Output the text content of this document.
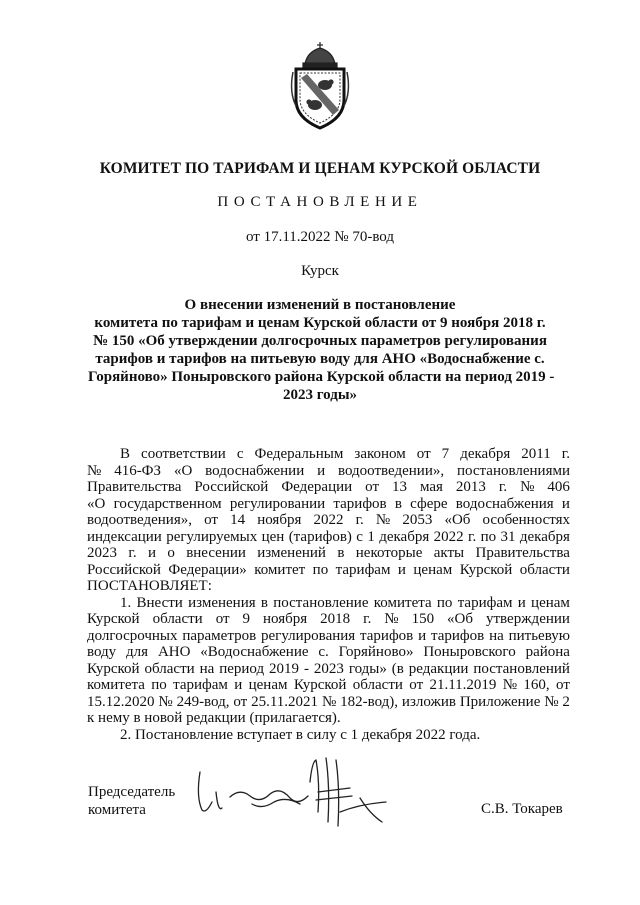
КОМИТЕТ ПО ТАРИФАМ И ЦЕНАМ КУРСКОЙ ОБЛАСТИ
ПОСТАНОВЛЕНИЕ
от 17.11.2022 № 70-вод
Курск
О внесении изменений в постановление
комитета по тарифам и ценам Курской области от 9 ноября 2018 г.
№ 150 «Об утверждении долгосрочных параметров регулирования
тарифов и тарифов на питьевую воду для АНО «Водоснабжение с.
Горяйново» Поныровского района Курской области на период 2019 -
2023 годы»
В соответствии с Федеральным законом от 7 декабря 2011 г.
№ 416-ФЗ «О водоснабжении и водоотведении», постановлениями
Правительства Российской Федерации от 13 мая 2013 г. № 406
«О государственном регулировании тарифов в сфере водоснабжения и
водоотведения», от 14 ноября 2022 г. № 2053 «Об особенностях
индексации регулируемых цен (тарифов) с 1 декабря 2022 г. по 31 декабря
2023 г. и о внесении изменений в некоторые акты Правительства
Российской Федерации» комитет по тарифам и ценам Курской области
ПОСТАНОВЛЯЕТ:
1. Внести изменения в постановление комитета по тарифам и ценам
Курской области от 9 ноября 2018 г. № 150 «Об утверждении
долгосрочных параметров регулирования тарифов и тарифов на питьевую
воду для АНО «Водоснабжение с. Горяйново» Поныровского района
Курской области на период 2019 - 2023 годы» (в редакции постановлений
комитета по тарифам и ценам Курской области от 21.11.2019 № 160, от
15.12.2020 № 249-вод, от 25.11.2021 № 182-вод), изложив Приложение № 2
к нему в новой редакции (прилагается).
2. Постановление вступает в силу с 1 декабря 2022 года.
Председатель
комитета	С.В. Токарев
